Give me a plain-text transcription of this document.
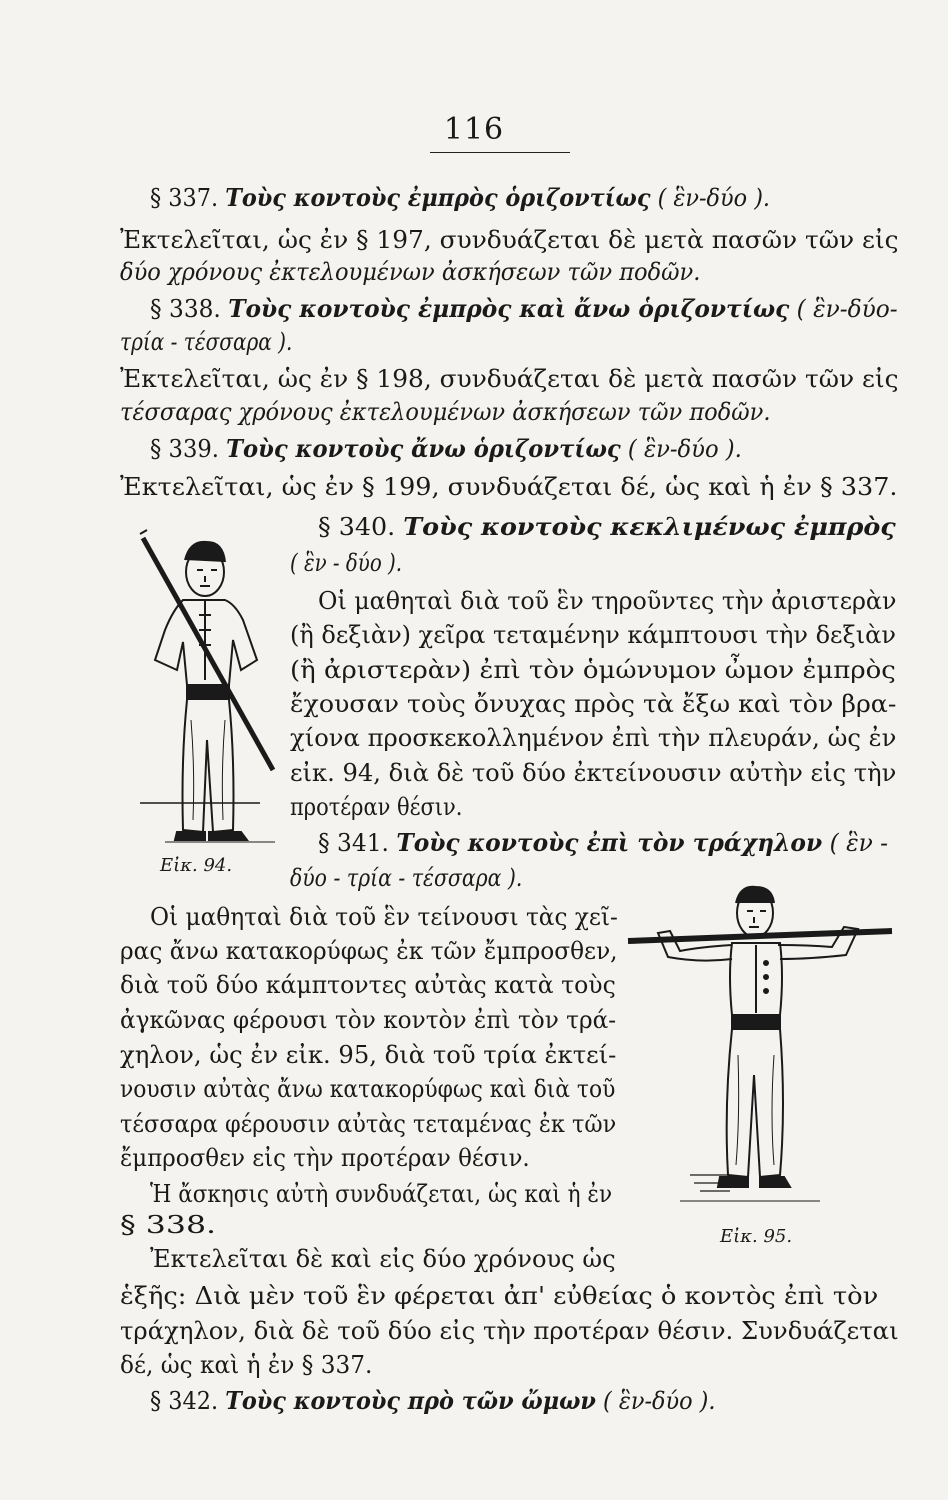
116
§ 337. Τοὺς κοντοὺς ἐμπρὸς ὁριζοντίως ( ἓν-δύο ).
Ἐκτελεῖται, ὡς ἐν § 197, συνδυάζεται δὲ μετὰ πασῶν τῶν εἰς
δύο χρόνους ἐκτελουμένων ἀσκήσεων τῶν ποδῶν.
§ 338. Τοὺς κοντοὺς ἐμπρὸς καὶ ἄνω ὁριζοντίως ( ἓν-δύο-
τρία - τέσσαρα ).
Ἐκτελεῖται, ὡς ἐν § 198, συνδυάζεται δὲ μετὰ πασῶν τῶν εἰς
τέσσαρας χρόνους ἐκτελουμένων ἀσκήσεων τῶν ποδῶν.
§ 339. Τοὺς κοντοὺς ἄνω ὁριζοντίως ( ἓν-δύο ).
Ἐκτελεῖται, ὡς ἐν § 199, συνδυάζεται δέ, ὡς καὶ ἡ ἐν § 337.
Εἰκ. 94.
§ 340. Τοὺς κοντοὺς κεκλιμένως ἐμπρὸς
( ἓν - δύο ).
Οἱ μαθηταὶ διὰ τοῦ ἓν τηροῦντες τὴν ἀριστερὰν
(ἢ δεξιὰν) χεῖρα τεταμένην κάμπτουσι τὴν δεξιὰν
(ἢ ἀριστερὰν) ἐπὶ τὸν ὁμώνυμον ὦμον ἐμπρὸς
ἔχουσαν τοὺς ὄνυχας πρὸς τὰ ἔξω καὶ τὸν βρα-
χίονα προσκεκολλημένον ἐπὶ τὴν πλευράν, ὡς ἐν
εἰκ. 94, διὰ δὲ τοῦ δύο ἐκτείνουσιν αὐτὴν εἰς τὴν
προτέραν θέσιν.
§ 341. Τοὺς κοντοὺς ἐπὶ τὸν τράχηλον ( ἓν -
δύο - τρία - τέσσαρα ).
Οἱ μαθηταὶ διὰ τοῦ ἓν τείνουσι τὰς χεῖ-
ρας ἄνω κατακορύφως ἐκ τῶν ἔμπροσθεν,
διὰ τοῦ δύο κάμπτοντες αὐτὰς κατὰ τοὺς
ἀγκῶνας φέρουσι τὸν κοντὸν ἐπὶ τὸν τρά-
χηλον, ὡς ἐν εἰκ. 95, διὰ τοῦ τρία ἐκτεί-
νουσιν αὐτὰς ἄνω κατακορύφως καὶ διὰ τοῦ
τέσσαρα φέρουσιν αὐτὰς τεταμένας ἐκ τῶν
ἔμπροσθεν εἰς τὴν προτέραν θέσιν.
Ἡ ἄσκησις αὐτὴ συνδυάζεται, ὡς καὶ ἡ ἐν
§ 338.
Ἐκτελεῖται δὲ καὶ εἰς δύο χρόνους ὡς
ἑξῆς: Διὰ μὲν τοῦ ἓν φέρεται ἀπ' εὐθείας ὁ κοντὸς ἐπὶ τὸν
τράχηλον, διὰ δὲ τοῦ δύο εἰς τὴν προτέραν θέσιν. Συνδυάζεται
δέ, ὡς καὶ ἡ ἐν § 337.
Εἰκ. 95.
§ 342. Τοὺς κοντοὺς πρὸ τῶν ὤμων ( ἓν-δύο ).
